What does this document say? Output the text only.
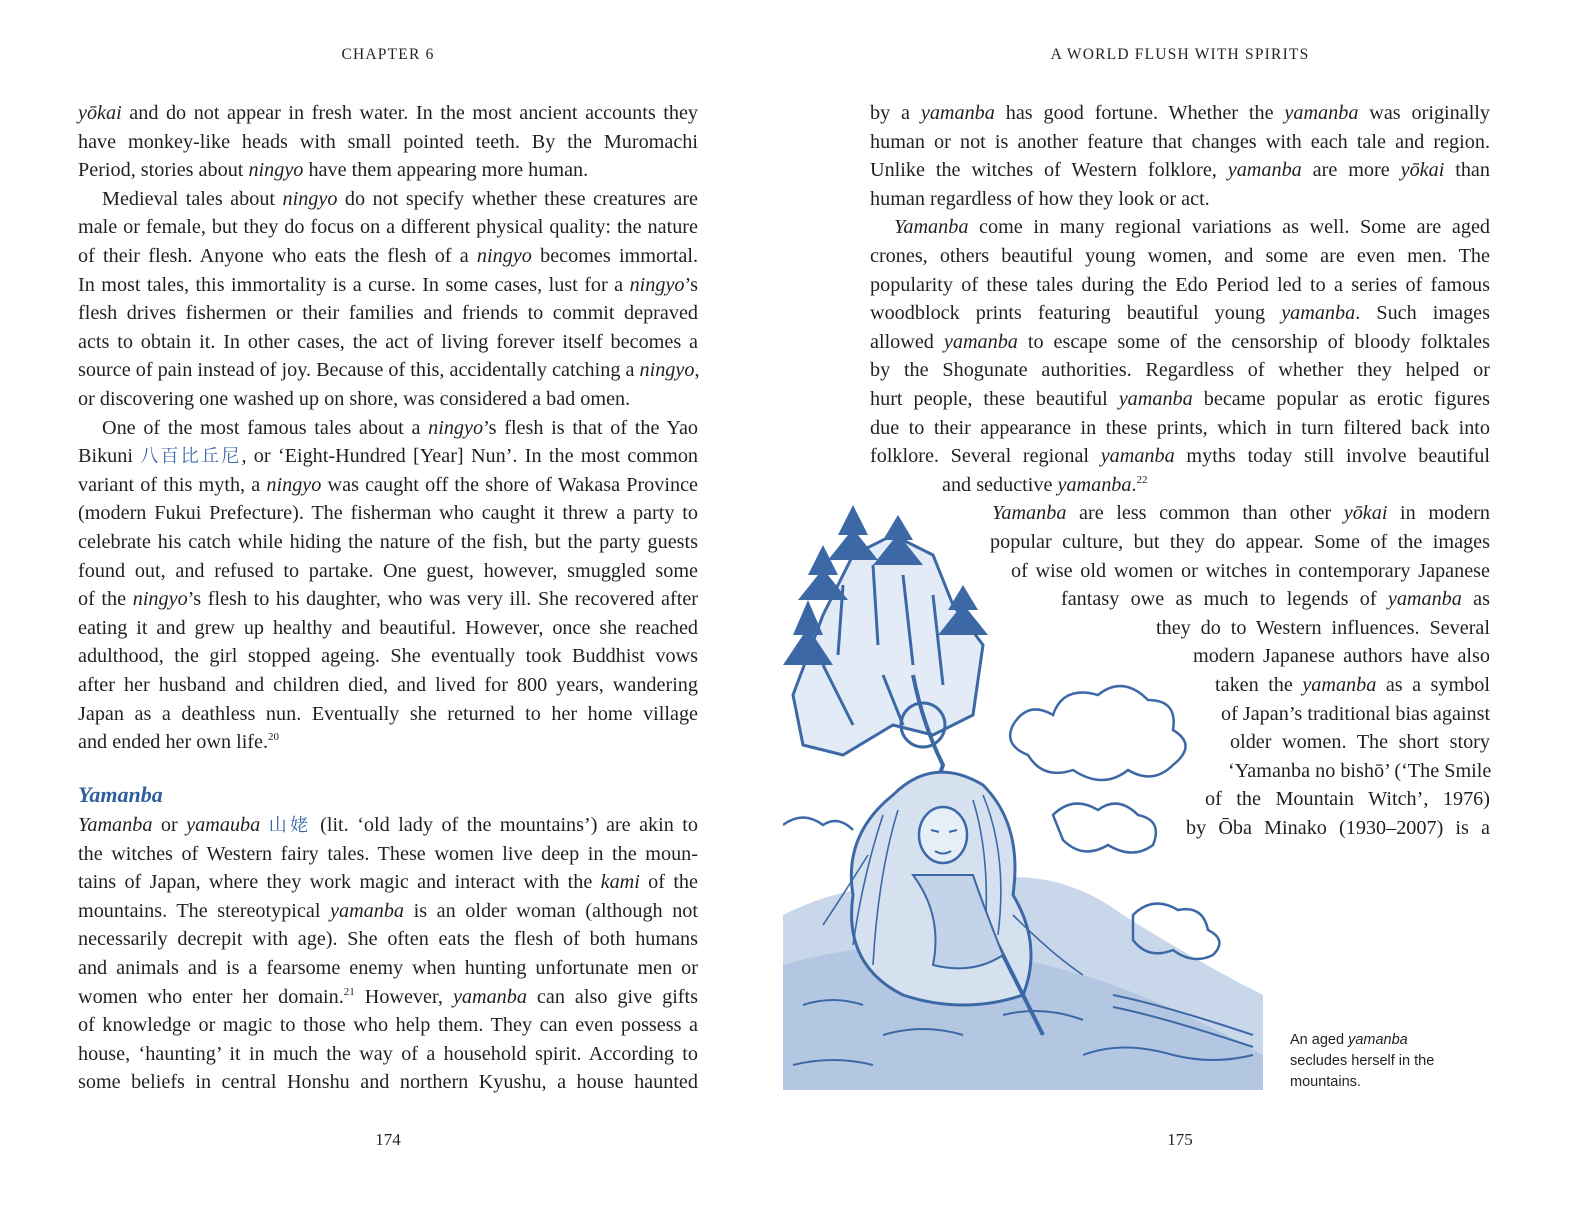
CHAPTER 6
yōkai and do not appear in fresh water. In the most ancient accounts they
have monkey-like heads with small pointed teeth. By the Muromachi
Period, stories about ningyo have them appearing more human.
Medieval tales about ningyo do not specify whether these creatures are
male or female, but they do focus on a different physical quality: the nature
of their flesh. Anyone who eats the flesh of a ningyo becomes immortal.
In most tales, this immortality is a curse. In some cases, lust for a ningyo’s
flesh drives fishermen or their families and friends to commit depraved
acts to obtain it. In other cases, the act of living forever itself becomes a
source of pain instead of joy. Because of this, accidentally catching a ningyo,
or discovering one washed up on shore, was considered a bad omen.
One of the most famous tales about a ningyo’s flesh is that of the Yao
Bikuni 八百比丘尼, or ‘Eight-Hundred [Year] Nun’. In the most common
variant of this myth, a ningyo was caught off the shore of Wakasa Province
(modern Fukui Prefecture). The fisherman who caught it threw a party to
celebrate his catch while hiding the nature of the fish, but the party guests
found out, and refused to partake. One guest, however, smuggled some
of the ningyo’s flesh to his daughter, who was very ill. She recovered after
eating it and grew up healthy and beautiful. However, once she reached
adulthood, the girl stopped ageing. She eventually took Buddhist vows
after her husband and children died, and lived for 800 years, wandering
Japan as a deathless nun. Eventually she returned to her home village
and ended her own life.$^{20}$
Yamanba or yamauba 山姥 (lit. ‘old lady of the mountains’) are akin to
the witches of Western fairy tales. These women live deep in the moun-
tains of Japan, where they work magic and interact with the kami of the
mountains. The stereotypical yamanba is an older woman (although not
necessarily decrepit with age). She often eats the flesh of both humans
and animals and is a fearsome enemy when hunting unfortunate men or
women who enter her domain.$^{21}$ However, yamanba can also give gifts
of knowledge or magic to those who help them. They can even possess a
house, ‘haunting’ it in much the way of a household spirit. According to
some beliefs in central Honshu and northern Kyushu, a house haunted
Yamanba
174
A WORLD FLUSH WITH SPIRITS
175
by a yamanba has good fortune. Whether the yamanba was originally
human or not is another feature that changes with each tale and region.
Unlike the witches of Western folklore, yamanba are more yōkai than
human regardless of how they look or act.
Yamanba come in many regional variations as well. Some are aged
crones, others beautiful young women, and some are even men. The
popularity of these tales during the Edo Period led to a series of famous
woodblock prints featuring beautiful young yamanba. Such images
allowed yamanba to escape some of the censorship of bloody folktales
by the Shogunate authorities. Regardless of whether they helped or
hurt people, these beautiful yamanba became popular as erotic figures
due to their appearance in these prints, which in turn filtered back into
folklore. Several regional yamanba myths today still involve beautiful
and seductive yamanba.$^{22}$
Yamanba are less common than other yōkai in modern
popular culture, but they do appear. Some of the images
of wise old women or witches in contemporary Japanese
fantasy owe as much to legends of yamanba as
they do to Western influences. Several
modern Japanese authors have also
taken the yamanba as a symbol
of Japan’s traditional bias against
older women. The short story
‘Yamanba no bishō’ (‘The Smile
of the Mountain Witch’, 1976)
by Ōba Minako (1930–2007) is a
An aged yamanba secludes herself in the mountains.
